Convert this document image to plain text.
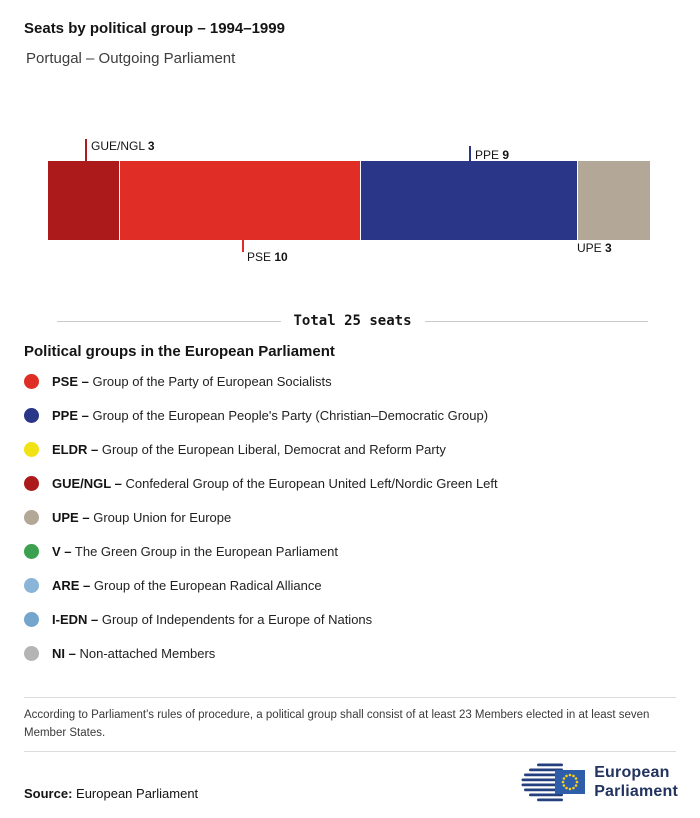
Seats by political group – 1994–1999
Portugal – Outgoing Parliament
GUE/NGL 3
PPE 9
PSE 10
UPE 3
Total 25 seats
Political groups in the European Parliament
PSE – Group of the Party of European Socialists
PPE – Group of the European People's Party (Christian–Democratic Group)
ELDR – Group of the European Liberal, Democrat and Reform Party
GUE/NGL – Confederal Group of the European United Left/Nordic Green Left
UPE – Group Union for Europe
V – The Green Group in the European Parliament
ARE – Group of the European Radical Alliance
I-EDN – Group of Independents for a Europe of Nations
NI – Non-attached Members

According to Parliament's rules of procedure, a political group shall consist of at least 23 Members elected in at least seven Member States.

Source: European Parliament

European
Parliament
